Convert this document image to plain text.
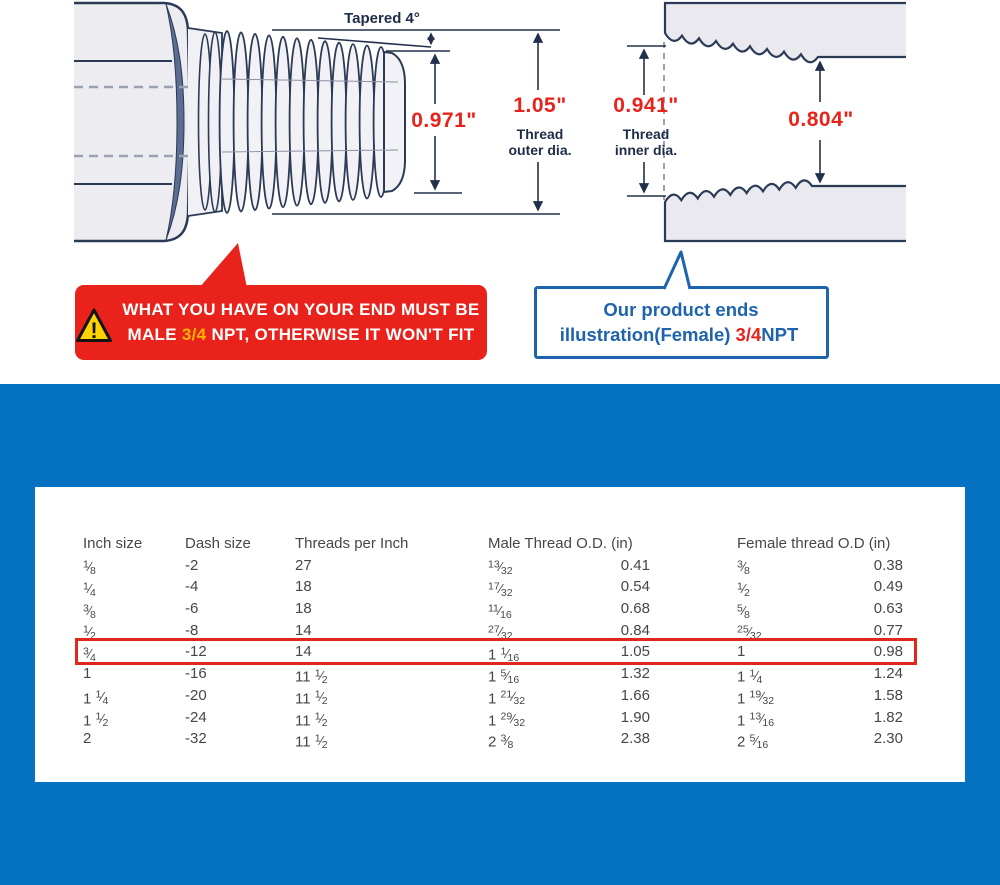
Tapered 4°
0.971"
1.05"
Thread
outer dia.
0.941"
Thread
inner dia.
0.804"
!
WHAT YOU HAVE ON YOUR END MUST BE
MALE 3/4 NPT, OTHERWISE IT WON'T FIT
Our product ends
illustration(Female) 3/4NPT
Inch size	Dash size	Threads per Inch	Male Thread O.D. (in)	Female thread O.D (in)
$^1$⁄8	-2	27	$^{13}$⁄32	0.41	$^3$⁄8	0.38
$^1$⁄4	-4	18	$^{17}$⁄32	0.54	$^1$⁄2	0.49
$^3$⁄8	-6	18	$^{11}$⁄16	0.68	$^5$⁄8	0.63
$^1$⁄2	-8	14	$^{27}$⁄32	0.84	$^{25}$⁄32	0.77
$^3$⁄4	-12	14	1 $^1$⁄16	1.05	1	0.98
1	-16	11 $^1$⁄2	1 $^5$⁄16	1.32	1 $^1$⁄4	1.24
1 $^1$⁄4	-20	11 $^1$⁄2	1 $^{21}$⁄32	1.66	1 $^{19}$⁄32	1.58
1 $^1$⁄2	-24	11 $^1$⁄2	1 $^{29}$⁄32	1.90	1 $^{13}$⁄16	1.82
2	-32	11 $^1$⁄2	2 $^3$⁄8	2.38	2 $^5$⁄16	2.30
